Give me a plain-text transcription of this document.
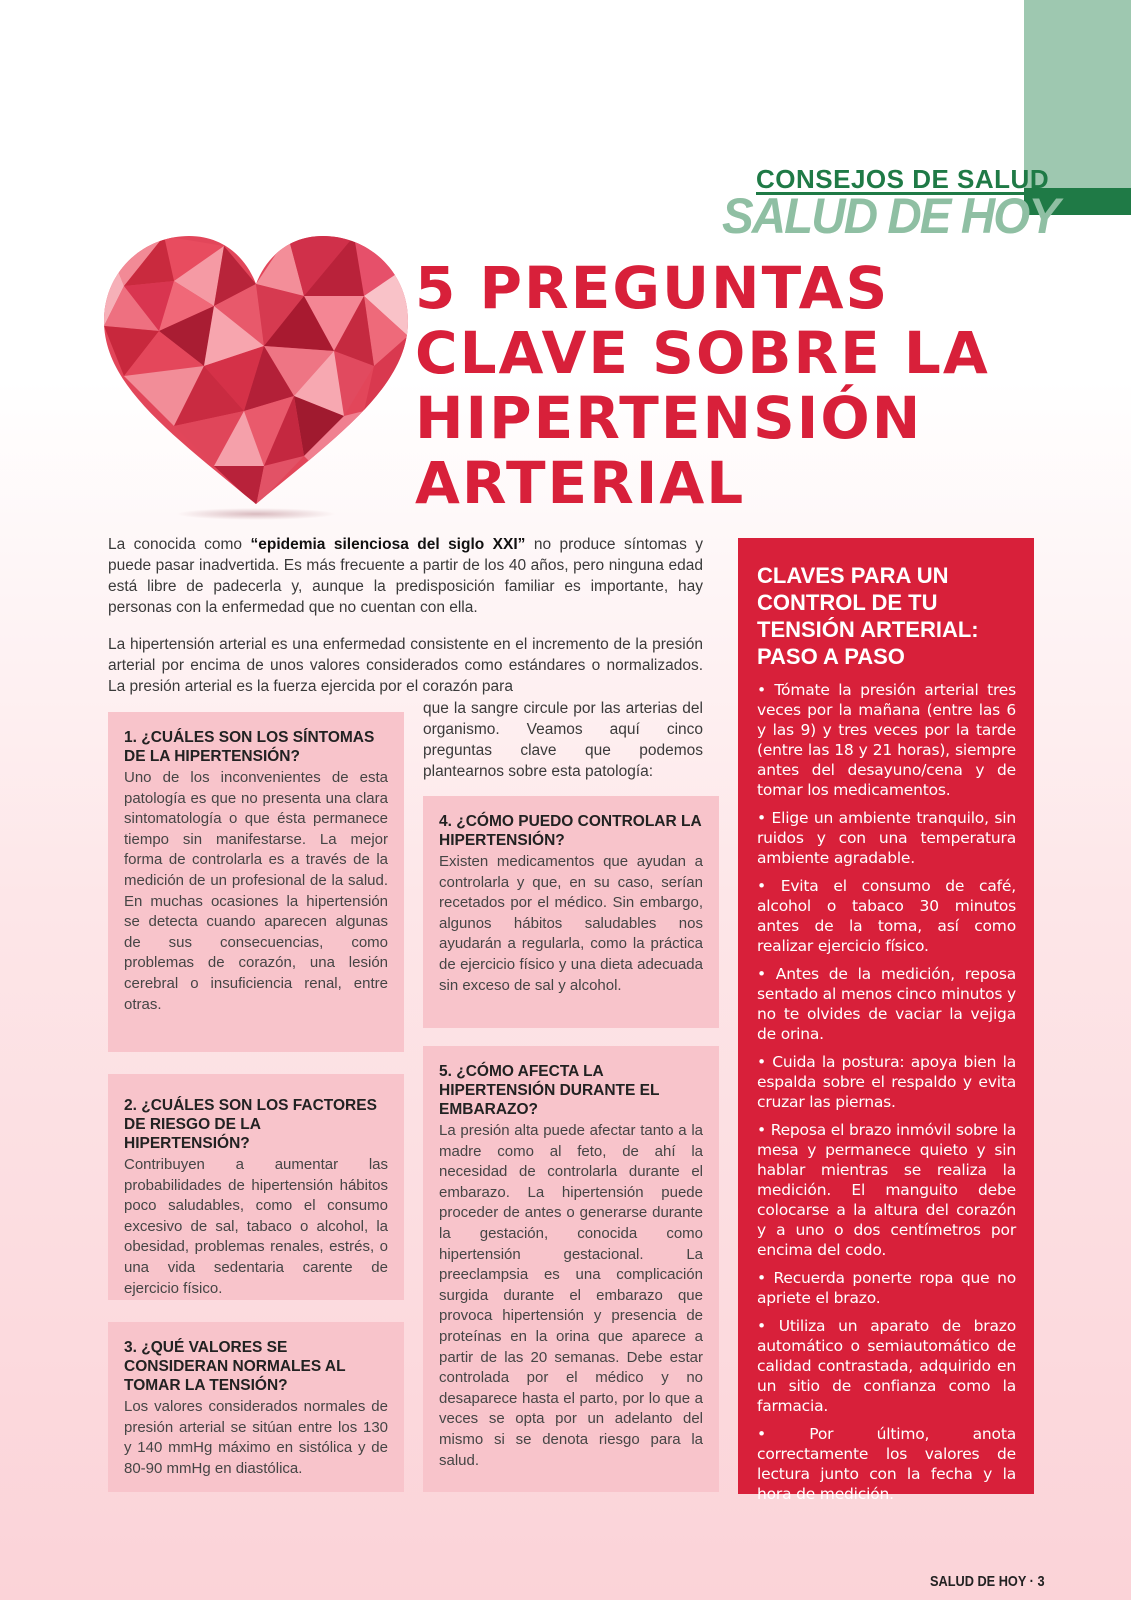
CONSEJOS DE SALUD
SALUD DE HOY
5 PREGUNTAS
CLAVE SOBRE LA
HIPERTENSIÓN
ARTERIAL

La conocida como “epidemia silenciosa del siglo XXI” no produce síntomas y puede pasar inadvertida. Es más frecuente a partir de los 40 años, pero ninguna edad está libre de padecerla y, aunque la predisposición familiar es importante, hay personas con la enfermedad que no cuentan con ella.

La hipertensión arterial es una enfermedad consistente en el incremento de la presión arterial por encima de unos valores considerados como estándares o normalizados. La presión arterial es la fuerza ejercida por el corazón para

que la sangre circule por las arterias del organismo. Veamos aquí cinco preguntas clave que podemos plantearnos sobre esta patología:

1. ¿CUÁLES SON LOS SÍNTOMAS DE LA HIPERTENSIÓN?

Uno de los inconvenientes de esta patología es que no presenta una clara sintomatología o que ésta permanece tiempo sin manifestarse. La mejor forma de controlarla es a través de la medición de un profesional de la salud. En muchas ocasiones la hipertensión se detecta cuando aparecen algunas de sus consecuencias, como problemas de corazón, una lesión cerebral o insuficiencia renal, entre otras.

2. ¿CUÁLES SON LOS FACTORES DE RIESGO DE LA HIPERTENSIÓN?

Contribuyen a aumentar las probabilidades de hipertensión hábitos poco saludables, como el consumo excesivo de sal, tabaco o alcohol, la obesidad, problemas renales, estrés, o una vida sedentaria carente de ejercicio físico.

3. ¿QUÉ VALORES SE CONSIDERAN NORMALES AL TOMAR LA TENSIÓN?

Los valores considerados normales de presión arterial se sitúan entre los 130 y 140 mmHg máximo en sistólica y de 80-90 mmHg en diastólica.

4. ¿CÓMO PUEDO CONTROLAR LA HIPERTENSIÓN?

Existen medicamentos que ayudan a controlarla y que, en su caso, serían recetados por el médico. Sin embargo, algunos hábitos saludables nos ayudarán a regularla, como la práctica de ejercicio físico y una dieta adecuada sin exceso de sal y alcohol.

5. ¿CÓMO AFECTA LA HIPERTENSIÓN DURANTE EL EMBARAZO?

La presión alta puede afectar tanto a la madre como al feto, de ahí la necesidad de controlarla durante el embarazo. La hipertensión puede proceder de antes o generarse durante la gestación, conocida como hipertensión gestacional. La preeclampsia es una complicación surgida durante el embarazo que provoca hipertensión y presencia de proteínas en la orina que aparece a partir de las 20 semanas. Debe estar controlada por el médico y no desaparece hasta el parto, por lo que a veces se opta por un adelanto del mismo si se denota riesgo para la salud.

CLAVES PARA UN CONTROL DE TU TENSIÓN ARTERIAL: PASO A PASO
• Tómate la presión arterial tres veces por la mañana (entre las 6 y las 9) y tres veces por la tarde (entre las 18 y 21 horas), siempre antes del desayuno/cena y de tomar los medicamentos.
• Elige un ambiente tranquilo, sin ruidos y con una temperatura ambiente agradable.
• Evita el consumo de café, alcohol o tabaco 30 minutos antes de la toma, así como realizar ejercicio físico.
• Antes de la medición, reposa sentado al menos cinco minutos y no te olvides de vaciar la vejiga de orina.
• Cuida la postura: apoya bien la espalda sobre el respaldo y evita cruzar las piernas.
• Reposa el brazo inmóvil sobre la mesa y permanece quieto y sin hablar mientras se realiza la medición. El manguito debe colocarse a la altura del corazón y a uno o dos centímetros por encima del codo.
• Recuerda ponerte ropa que no apriete el brazo.
• Utiliza un aparato de brazo automático o semiautomático de calidad contrastada, adquirido en un sitio de confianza como la farmacia.
• Por último, anota correctamente los valores de lectura junto con la fecha y la hora de medición.
SALUD DE HOY · 3
